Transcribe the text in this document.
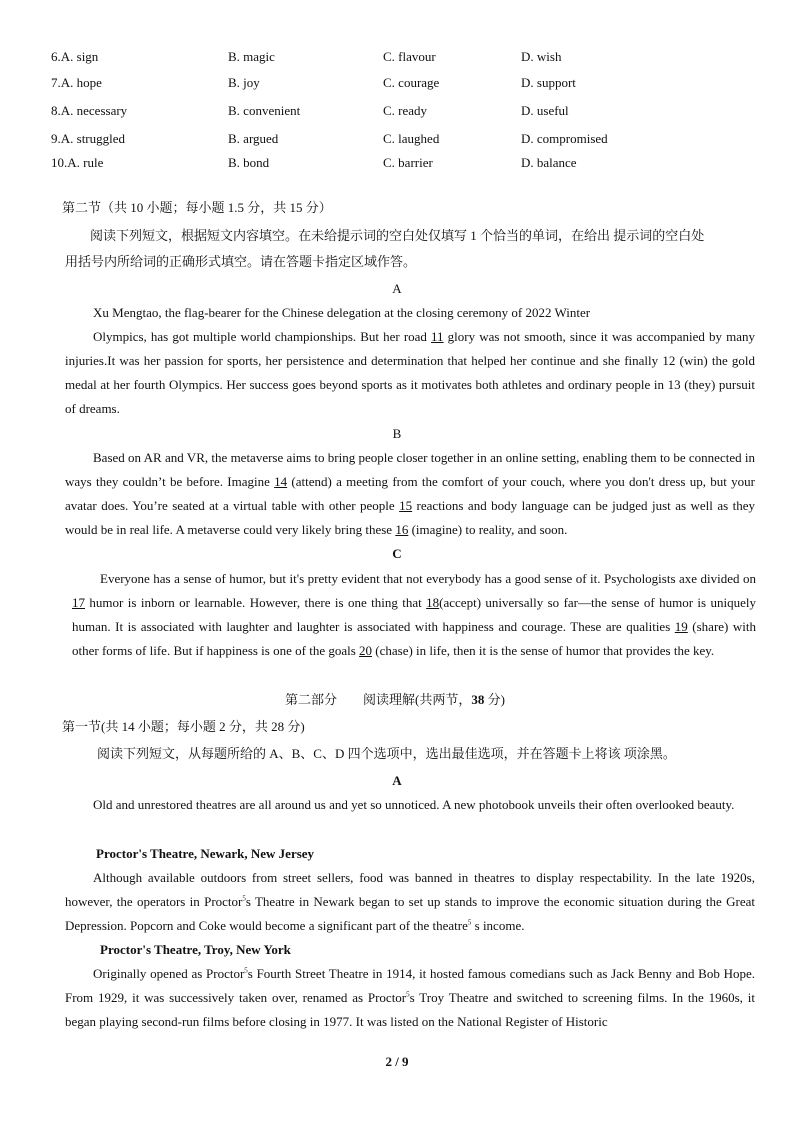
6.A. sign	B. magic	C. flavour	D. wish
7.A. hope	B. joy	C. courage	D. support
8.A. necessary	B. convenient	C. ready	D. useful
9.A. struggled	B. argued	C. laughed	D. compromised
10.A. rule	B. bond	C. barrier	D. balance
第二节（共 10 小题；每小题 1.5 分，共 15 分）
阅读下列短文，根据短文内容填空。在未给提示词的空白处仅填写 1 个恰当的单词，在给出 提示词的空白处
用括号内所给词的正确形式填空。请在答题卡指定区域作答。
A
Xu Mengtao, the flag-bearer for the Chinese delegation at the closing ceremony of 2022 Winter
Olympics, has got multiple world championships. But her road 11 glory was not smooth, since it was accompanied by many injuries.It was her passion for sports, her persistence and determination that helped her continue and she finally 12 (win) the gold medal at her fourth Olympics. Her success goes beyond sports as it motivates both athletes and ordinary people in 13 (they) pursuit of dreams.
B
Based on AR and VR, the metaverse aims to bring people closer together in an online setting, enabling them to be connected in ways they couldn’t be before. Imagine 14 (attend) a meeting from the comfort of your couch, where you don't dress up, but your avatar does. You’re seated at a virtual table with other people 15 reactions and body language can be judged just as well as they would be in real life. A metaverse could very likely bring these 16 (imagine) to reality, and soon.
C
Everyone has a sense of humor, but it's pretty evident that not everybody has a good sense of it. Psychologists axe divided on 17 humor is inborn or learnable. However, there is one thing that 18(accept) universally so far—the sense of humor is uniquely human. It is associated with laughter and laughter is associated with happiness and courage. These are qualities 19 (share) with other forms of life. But if happiness is one of the goals 20 (chase) in life, then it is the sense of humor that provides the key.
第二部分　　阅读理解(共两节，38 分)
第一节(共 14 小题；每小题 2 分，共 28 分)
阅读下列短文，从每题所给的 A、B、C、D 四个选项中，选出最佳选项，并在答题卡上将该 项涂黑。
A
Old and unrestored theatres are all around us and yet so unnoticed. A new photobook unveils their often overlooked beauty.
Proctor's Theatre, Newark, New Jersey
Although available outdoors from street sellers, food was banned in theatres to display respectability. In the late 1920s, however, the operators in Proctor$^5$s Theatre in Newark began to set up stands to improve the economic situation during the Great Depression. Popcorn and Coke would become a significant part of the theatre$^5$ s income.
Proctor's Theatre, Troy, New York
Originally opened as Proctor$^5$s Fourth Street Theatre in 1914, it hosted famous comedians such as Jack Benny and Bob Hope. From 1929, it was successively taken over, renamed as Proctor$^5$s Troy Theatre and switched to screening films. In the 1960s, it began playing second-run films before closing in 1977. It was listed on the National Register of Historic
2 / 9
